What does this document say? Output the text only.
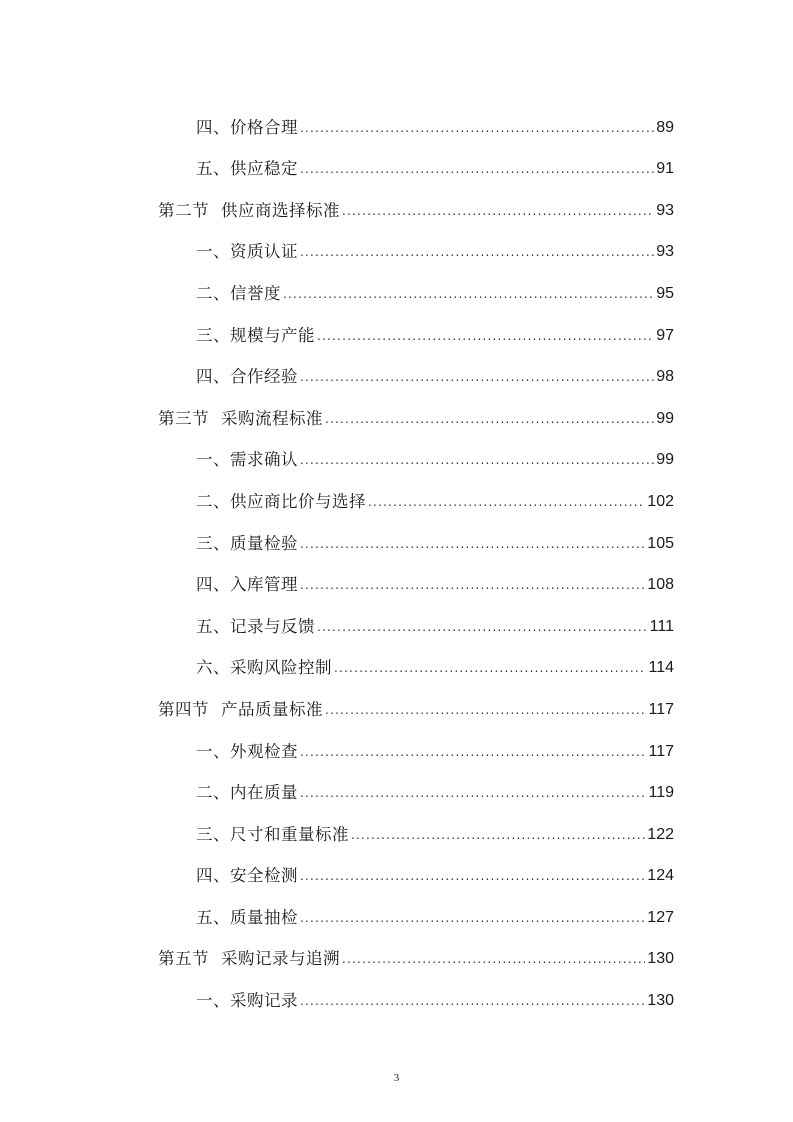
四、价格合理 .....	89
五、供应稳定 .....	91
第二节 供应商选择标准 .....	93
一、资质认证 .....	93
二、信誉度 .....	95
三、规模与产能 .....	97
四、合作经验 .....	98
第三节 采购流程标准 .....	99
一、需求确认 .....	99
二、供应商比价与选择 .....	102
三、质量检验 .....	105
四、入库管理 .....	108
五、记录与反馈 .....	111
六、采购风险控制 .....	114
第四节 产品质量标准 .....	117
一、外观检查 .....	117
二、内在质量 .....	119
三、尺寸和重量标准 .....	122
四、安全检测 .....	124
五、质量抽检 .....	127
第五节 采购记录与追溯 .....	130
一、采购记录 .....	130
3
